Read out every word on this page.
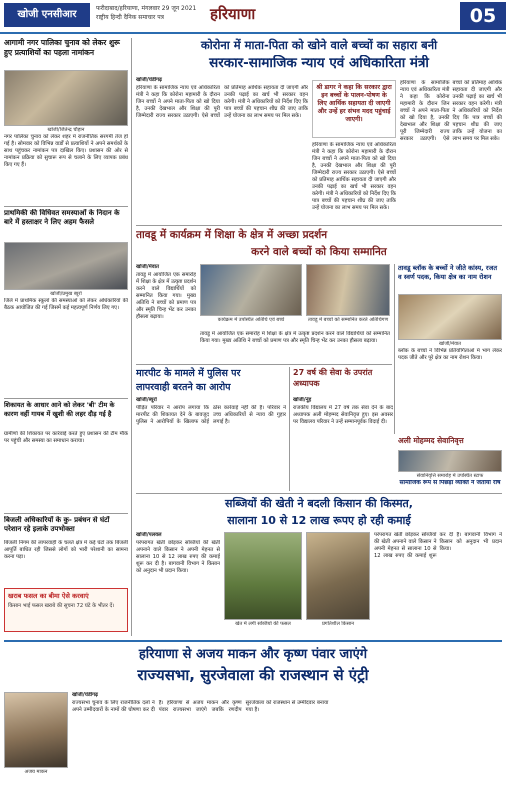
खोजी एनसीआर
फरीदाबाद/हरियाणा, मंगलवार 29 जून 2021
राष्ट्रीय हिन्दी दैनिक समाचार पत्र	हरियाणा	05
आगामी नगर पालिका चुनाव को लेकर शुरू हुए प्रत्याशियों का पहला नामांकन
खोजी/जितेन्द्र चौहान
नगर पालिका चुनाव को लेकर शहर में राजनीतिक सरगर्मी तेज हो गई है। सोमवार को विभिन्न वार्डों से प्रत्याशियों ने अपने समर्थकों के साथ पहुंचकर नामांकन पत्र दाखिल किए। प्रशासन की ओर से नामांकन प्रक्रिया को सुचारू रूप से चलाने के लिए व्यापक प्रबंध किए गए हैं।
प्राथमिकी की विधिवत समस्याओं के निदान के बारे में हस्ताक्षर ने लिए अहम फैसले
खोजी/प्रमुख ब्यूरो
जिले में प्राथमिक स्कूलों की समस्याओं को लेकर अधिकारियों की बैठक आयोजित की गई जिसमें कई महत्वपूर्ण निर्णय लिए गए।
शिकायत के आधार आने को लेकर 'बी' टीम के कारण वहीं गायब में खुशी की लहर दौड़ गई है
ग्रामीणों की शिकायत पर कार्रवाई करते हुए प्रशासन की टीम मौके पर पहुंची और समस्या का समाधान कराया।
बिजली अधिकारियों के कु- प्रबंधन से घंटों परेशान रहे इलाके उपभोक्ता
बिजली निगम की लापरवाही के चलते क्षेत्र में कई घंटों तक बिजली आपूर्ति बाधित रही जिससे लोगों को भारी परेशानी का सामना करना पड़ा।
खराब फसल का बीमा ऐसे करवाएं
किसान भाई फसल खराबे की सूचना 72 घंटे के भीतर दें।
कोरोना में माता-पिता को खोने वाले बच्चों का सहारा बनी
सरकार-सामाजिक न्याय एवं अधिकारिता मंत्री
खोजी/चंडीगढ़
हरियाणा के सामाजिक न्याय एवं अधिकारिता मंत्री ने कहा कि कोरोना महामारी के दौरान जिन बच्चों ने अपने माता-पिता को खो दिया है, उनकी देखभाल और शिक्षा की पूरी जिम्मेदारी राज्य सरकार उठाएगी। ऐसे बच्चों को प्रतिमाह आर्थिक सहायता दी जाएगी और उनकी पढ़ाई का खर्च भी सरकार वहन करेगी। मंत्री ने अधिकारियों को निर्देश दिए कि पात्र बच्चों की पहचान शीघ्र की जाए ताकि उन्हें योजना का लाभ समय पर मिल सके।
श्री डागर ने कहा कि सरकार द्वारा इन बच्चों के पालन-पोषण के लिए आर्थिक सहायता दी जाएगी और उन्हें हर संभव मदद पहुंचाई जाएगी।
हरियाणा के सामाजिक न्याय एवं अधिकारिता मंत्री ने कहा कि कोरोना महामारी के दौरान जिन बच्चों ने अपने माता-पिता को खो दिया है, उनकी देखभाल और शिक्षा की पूरी जिम्मेदारी राज्य सरकार उठाएगी। ऐसे बच्चों को प्रतिमाह आर्थिक सहायता दी जाएगी और उनकी पढ़ाई का खर्च भी सरकार वहन करेगी। मंत्री ने अधिकारियों को निर्देश दिए कि पात्र बच्चों की पहचान शीघ्र की जाए ताकि उन्हें योजना का लाभ समय पर मिल सके।
हरियाणा के सामाजिक न्याय एवं अधिकारिता मंत्री ने कहा कि कोरोना महामारी के दौरान जिन बच्चों ने अपने माता-पिता को खो दिया है, उनकी देखभाल और शिक्षा की पूरी जिम्मेदारी राज्य सरकार उठाएगी। ऐसे बच्चों को प्रतिमाह आर्थिक सहायता दी जाएगी और उनकी पढ़ाई का खर्च भी सरकार वहन करेगी। मंत्री ने अधिकारियों को निर्देश दिए कि पात्र बच्चों की पहचान शीघ्र की जाए ताकि उन्हें योजना का लाभ समय पर मिल सके।
तावडू में कार्यक्रम में शिक्षा के क्षेत्र में अच्छा प्रदर्शन
करने वाले बच्चों को किया सम्मानित
खोजी/मेवात
तावडू में आयोजित एक समारोह में शिक्षा के क्षेत्र में उत्कृष्ट प्रदर्शन करने वाले विद्यार्थियों को सम्मानित किया गया। मुख्य अतिथि ने बच्चों को प्रमाण पत्र और स्मृति चिन्ह भेंट कर उनका हौसला बढ़ाया।	कार्यक्रम में उपस्थित अतिथि एवं बच्चे	तावडू में बच्चों को सम्मानित करते अतिथिगण
तावडू में आयोजित एक समारोह में शिक्षा के क्षेत्र में उत्कृष्ट प्रदर्शन करने वाले विद्यार्थियों को सम्मानित किया गया। मुख्य अतिथि ने बच्चों को प्रमाण पत्र और स्मृति चिन्ह भेंट कर उनका हौसला बढ़ाया।
तावडू ब्लॉक के बच्चों ने जीते कांस्य, रजत व स्वर्ण पदक, किया क्षेत्र का नाम रोशन
खोजी/मेवात
ब्लॉक के बच्चों ने विभिन्न प्रतियोगिताओं में भाग लेकर पदक जीते और पूरे क्षेत्र का नाम रोशन किया।
मारपीट के मामले में पुलिस पर
लापरवाही बरतने का आरोप
खोजी/ब्यूरो
पीड़ित परिवार ने आरोप लगाया कि मारपीट की शिकायत देने के बावजूद पुलिस ने आरोपियों के खिलाफ कोई ठोस कार्रवाई नहीं की है। परिवार ने उच्च अधिकारियों से न्याय की गुहार लगाई है।
27 वर्ष की सेवा के उपरांत अध्यापक
खोजी/नूंह
राजकीय विद्यालय में 27 वर्ष तक सेवा देने के बाद अध्यापक अली मोहम्मद सेवानिवृत्त हुए। इस अवसर पर विद्यालय परिवार ने उन्हें सम्मानपूर्वक विदाई दी।
अली मोहम्मद सेवानिवृत्त
सेवानिवृत्ति समारोह में उपस्थित स्टाफ
सामाजिक रूप से पिछड़ा व्यक्ति ने जताया रोष
सब्जियों की खेती ने बदली किसान की किस्मत,
सालाना 10 से 12 लाख रूपए हो रही कमाई
खोजी/पलवल
परंपरागत खेती छोड़कर सब्जियों की खेती अपनाने वाले किसान ने अपनी मेहनत से सालाना 10 से 12 लाख रुपए की कमाई शुरू कर दी है। बागवानी विभाग ने किसान को अनुदान भी प्रदान किया।
खेत में लगी सब्जियों की फसल	प्रगतिशील किसान
परंपरागत खेती छोड़कर सब्जियों की खेती अपनाने वाले किसान ने अपनी मेहनत से सालाना 10 से 12 लाख रुपए की कमाई शुरू कर दी है। बागवानी विभाग ने किसान को अनुदान भी प्रदान किया।
हरियाणा से अजय माकन और कृष्ण पंवार जाएंगे
राज्यसभा, सुरजेवाला की राजस्थान से एंट्री
अजय माकन
खोजी/चंडीगढ़
राज्यसभा चुनाव के लिए राजनीतिक दलों ने अपने उम्मीदवारों के नामों की घोषणा कर दी है। हरियाणा से अजय माकन और कृष्ण पंवार राज्यसभा जाएंगे जबकि रणदीप सुरजेवाला को राजस्थान से उम्मीदवार बनाया गया है।
